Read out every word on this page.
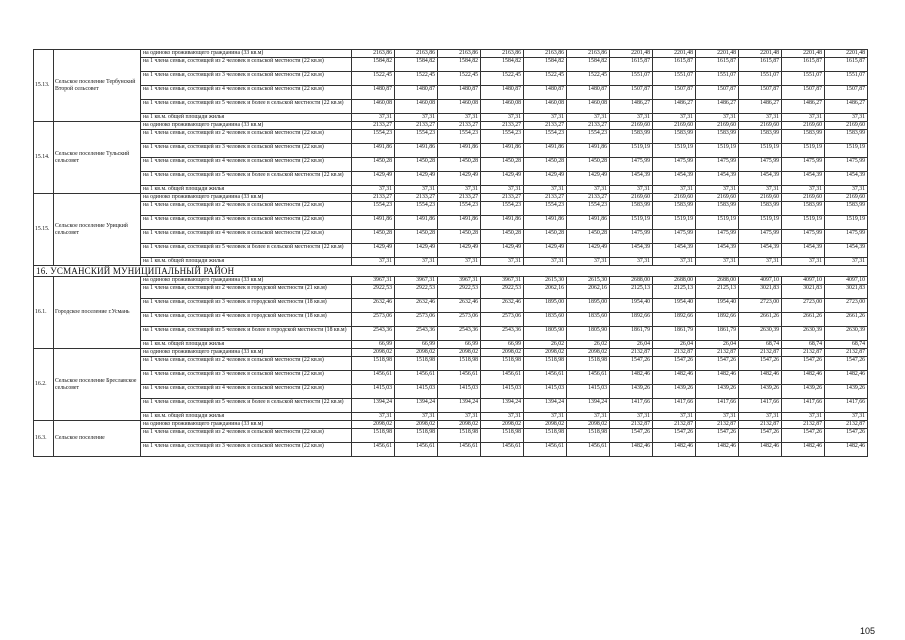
15.13.	Сельское поселение Тербунский Второй сельсовет	на одиноко проживающего гражданина (33 кв.м)	2163,86	2163,86	2163,86	2163,86	2163,86	2163,86	2201,48	2201,48	2201,48	2201,48	2201,48	2201,48
		на 1 члена семьи, состоящей из 2 человек в сельской местности (22 кв.м)	1584,82	1584,82	1584,82	1584,82	1584,82	1584,82	1615,87	1615,87	1615,87	1615,87	1615,87	1615,87
		на 1 члена семьи, состоящей из 3 человек в сельской местности (22 кв.м)	1522,45	1522,45	1522,45	1522,45	1522,45	1522,45	1551,07	1551,07	1551,07	1551,07	1551,07	1551,07
		на 1 члена семьи, состоящей из 4 человек в сельской местности (22 кв.м)	1480,87	1480,87	1480,87	1480,87	1480,87	1480,87	1507,87	1507,87	1507,87	1507,87	1507,87	1507,87
		на 1 члена семьи, состоящей из 5 человек и более в сельской местности (22 кв.м)	1460,08	1460,08	1460,08	1460,08	1460,08	1460,08	1486,27	1486,27	1486,27	1486,27	1486,27	1486,27
		на 1 кв.м. общей площади жилья	37,31	37,31	37,31	37,31	37,31	37,31	37,31	37,31	37,31	37,31	37,31	37,31
15.14.	Сельское поселение Тульский сельсовет	на одиноко проживающего гражданина (33 кв.м)	2133,27	2133,27	2133,27	2133,27	2133,27	2133,27	2169,60	2169,60	2169,60	2169,60	2169,60	2169,60
		на 1 члена семьи, состоящей из 2 человек в сельской местности (22 кв.м)	1554,23	1554,23	1554,23	1554,23	1554,23	1554,23	1583,99	1583,99	1583,99	1583,99	1583,99	1583,99
		на 1 члена семьи, состоящей из 3 человек в сельской местности (22 кв.м)	1491,86	1491,86	1491,86	1491,86	1491,86	1491,86	1519,19	1519,19	1519,19	1519,19	1519,19	1519,19
		на 1 члена семьи, состоящей из 4 человек в сельской местности (22 кв.м)	1450,28	1450,28	1450,28	1450,28	1450,28	1450,28	1475,99	1475,99	1475,99	1475,99	1475,99	1475,99
		на 1 члена семьи, состоящей из 5 человек и более в сельской местности (22 кв.м)	1429,49	1429,49	1429,49	1429,49	1429,49	1429,49	1454,39	1454,39	1454,39	1454,39	1454,39	1454,39
		на 1 кв.м. общей площади жилья	37,31	37,31	37,31	37,31	37,31	37,31	37,31	37,31	37,31	37,31	37,31	37,31
15.15.	Сельское поселение Урицкий сельсовет	на одиноко проживающего гражданина (33 кв.м)	2133,27	2133,27	2133,27	2133,27	2133,27	2133,27	2169,60	2169,60	2169,60	2169,60	2169,60	2169,60
		на 1 члена семьи, состоящей из 2 человек в сельской местности (22 кв.м)	1554,23	1554,23	1554,23	1554,23	1554,23	1554,23	1583,99	1583,99	1583,99	1583,99	1583,99	1583,99
		на 1 члена семьи, состоящей из 3 человек в сельской местности (22 кв.м)	1491,86	1491,86	1491,86	1491,86	1491,86	1491,86	1519,19	1519,19	1519,19	1519,19	1519,19	1519,19
		на 1 члена семьи, состоящей из 4 человек в сельской местности (22 кв.м)	1450,28	1450,28	1450,28	1450,28	1450,28	1450,28	1475,99	1475,99	1475,99	1475,99	1475,99	1475,99
		на 1 члена семьи, состоящей из 5 человек и более в сельской местности (22 кв.м)	1429,49	1429,49	1429,49	1429,49	1429,49	1429,49	1454,39	1454,39	1454,39	1454,39	1454,39	1454,39
		на 1 кв.м. общей площади жилья	37,31	37,31	37,31	37,31	37,31	37,31	37,31	37,31	37,31	37,31	37,31	37,31
16. УСМАНСКИЙ МУНИЦИПАЛЬНЫЙ РАЙОН														
16.1.	Городское поселение г.Усмань	на одиноко проживающего гражданина (33 кв.м)	3967,31	3967,31	3967,31	3967,31	2615,30	2615,30	2688,00	2688,00	2688,00	4097,10	4097,10	4097,10
		на 1 члена семьи, состоящей из 2 человек в городской местности (21 кв.м)	2922,53	2922,53	2922,53	2922,53	2062,16	2062,16	2125,13	2125,13	2125,13	3021,83	3021,83	3021,83
		на 1 члена семьи, состоящей из 3 человек в городской местности (18 кв.м)	2632,46	2632,46	2632,46	2632,46	1895,00	1895,00	1954,40	1954,40	1954,40	2723,00	2723,00	2723,00
		на 1 члена семьи, состоящей из 4 человек в городской местности (18 кв.м)	2573,06	2573,06	2573,06	2573,06	1835,60	1835,60	1892,66	1892,66	1892,66	2661,26	2661,26	2661,26
		на 1 члена семьи, состоящей из 5 человек и более в городской местности (18 кв.м)	2543,36	2543,36	2543,36	2543,36	1805,90	1805,90	1861,79	1861,79	1861,79	2630,39	2630,39	2630,39
		на 1 кв.м. общей площади жилья	66,99	66,99	66,99	66,99	26,02	26,02	26,04	26,04	26,04	68,74	68,74	68,74
16.2.	Сельское поселение Бреславское сельсовет	на одиноко проживающего гражданина (33 кв.м)	2098,02	2098,02	2098,02	2098,02	2098,02	2098,02	2132,87	2132,87	2132,87	2132,87	2132,87	2132,87
		на 1 члена семьи, состоящей из 2 человек в сельской местности (22 кв.м)	1518,98	1518,98	1518,98	1518,98	1518,98	1518,98	1547,26	1547,26	1547,26	1547,26	1547,26	1547,26
		на 1 члена семьи, состоящей из 3 человек в сельской местности (22 кв.м)	1456,61	1456,61	1456,61	1456,61	1456,61	1456,61	1482,46	1482,46	1482,46	1482,46	1482,46	1482,46
		на 1 члена семьи, состоящей из 4 человек в сельской местности (22 кв.м)	1415,03	1415,03	1415,03	1415,03	1415,03	1415,03	1439,26	1439,26	1439,26	1439,26	1439,26	1439,26
		на 1 члена семьи, состоящей из 5 человек и более в сельской местности (22 кв.м)	1394,24	1394,24	1394,24	1394,24	1394,24	1394,24	1417,66	1417,66	1417,66	1417,66	1417,66	1417,66
		на 1 кв.м. общей площади жилья	37,31	37,31	37,31	37,31	37,31	37,31	37,31	37,31	37,31	37,31	37,31	37,31
16.3.	Сельское поселение	на одиноко проживающего гражданина (33 кв.м)	2098,02	2098,02	2098,02	2098,02	2098,02	2098,02	2132,87	2132,87	2132,87	2132,87	2132,87	2132,87
		на 1 члена семьи, состоящей из 2 человек в сельской местности (22 кв.м)	1518,98	1518,98	1518,98	1518,98	1518,98	1518,98	1547,26	1547,26	1547,26	1547,26	1547,26	1547,26
		на 1 члена семьи, состоящей из 3 человек в сельской местности (22 кв.м)	1456,61	1456,61	1456,61	1456,61	1456,61	1456,61	1482,46	1482,46	1482,46	1482,46	1482,46	1482,46
105
